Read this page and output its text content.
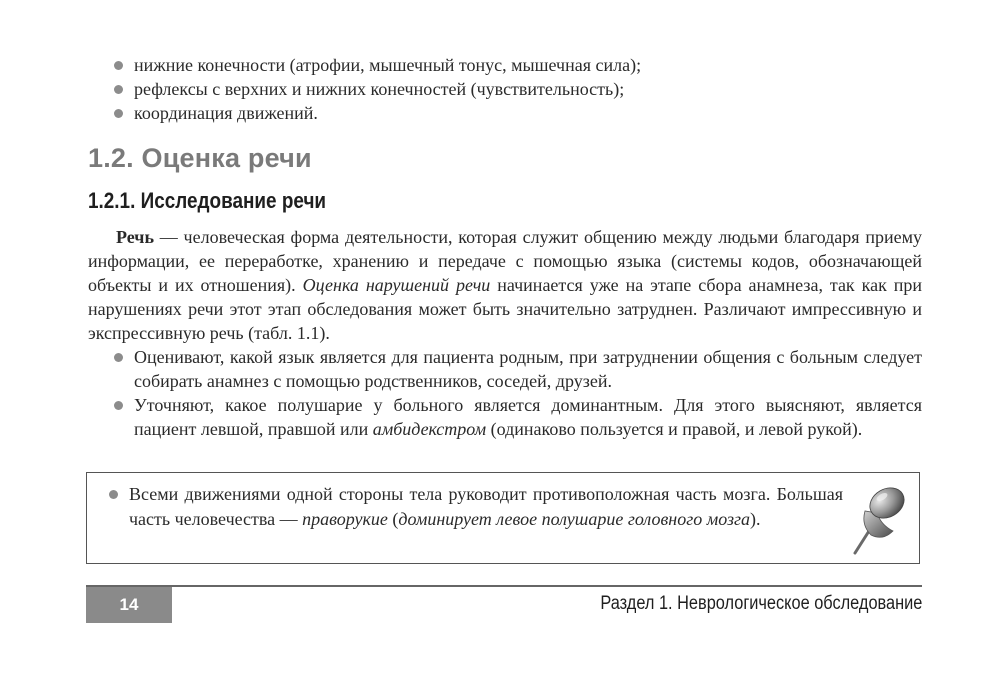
нижние конечности (атрофии, мышечный тонус, мышечная сила);
рефлексы с верхних и нижних конечностей (чувствительность);
координация движений.
1.2. Оценка речи
1.2.1. Исследование речи

Речь — человеческая форма деятельности, которая служит общению между людьми благодаря приему информации, ее переработке, хранению и передаче с помощью языка (системы кодов, обозначающей объекты и их отношения). Оценка нарушений речи начинается уже на этапе сбора анамнеза, так как при нарушениях речи этот этап обследования может быть значительно затруднен. Различают импрессивную и экспрессивную речь (табл. 1.1).

Оценивают, какой язык является для пациента родным, при затруднении общения с больным следует собирать анамнез с помощью родственников, соседей, друзей.
Уточняют, какое полушарие у больного является доминантным. Для этого выясняют, является пациент левшой, правшой или амбидекстром (одинаково пользуется и правой, и левой рукой).
Всеми движениями одной стороны тела руководит противоположная часть мозга. Большая часть человечества — праворукие (доминирует левое полушарие головного мозга).
14	Раздел 1. Неврологическое обследование
